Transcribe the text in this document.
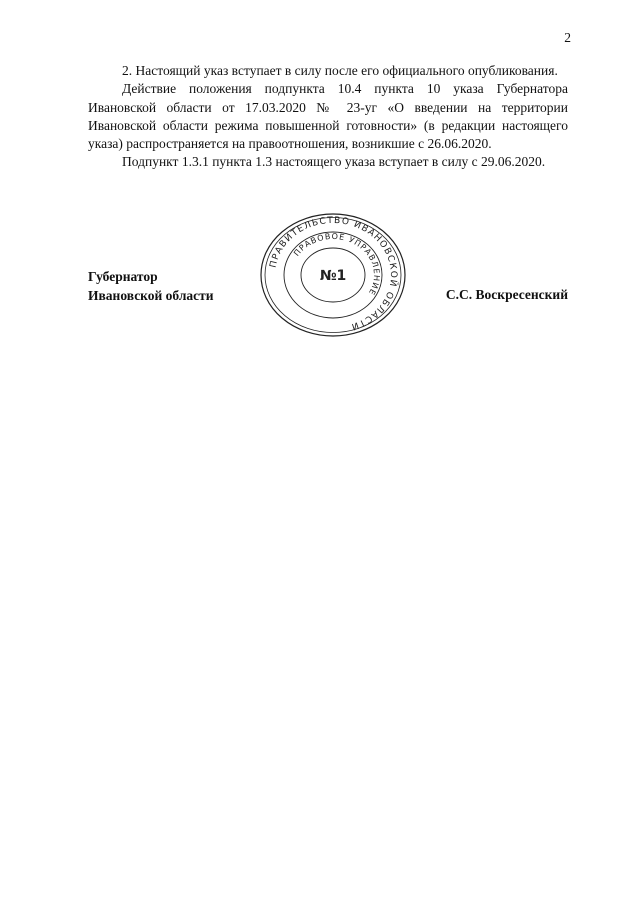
2

2. Настоящий указ вступает в силу после его официального опубликования.

Действие положения подпункта 10.4 пункта 10 указа Губернатора Ивановской области от 17.03.2020 № 23-уг «О введении на территории Ивановской области режима повышенной готовности» (в редакции настоящего указа) распространяется на правоотношения, возникшие с 26.06.2020.

Подпункт 1.3.1 пункта 1.3 настоящего указа вступает в силу с 29.06.2020.

Губернатор
Ивановской области
ПРАВИТЕЛЬСТВО ИВАНОВСКОЙ ОБЛАСТИ
ПРАВОВОЕ УПРАВЛЕНИЕ
№1
С.С. Воскресенский
